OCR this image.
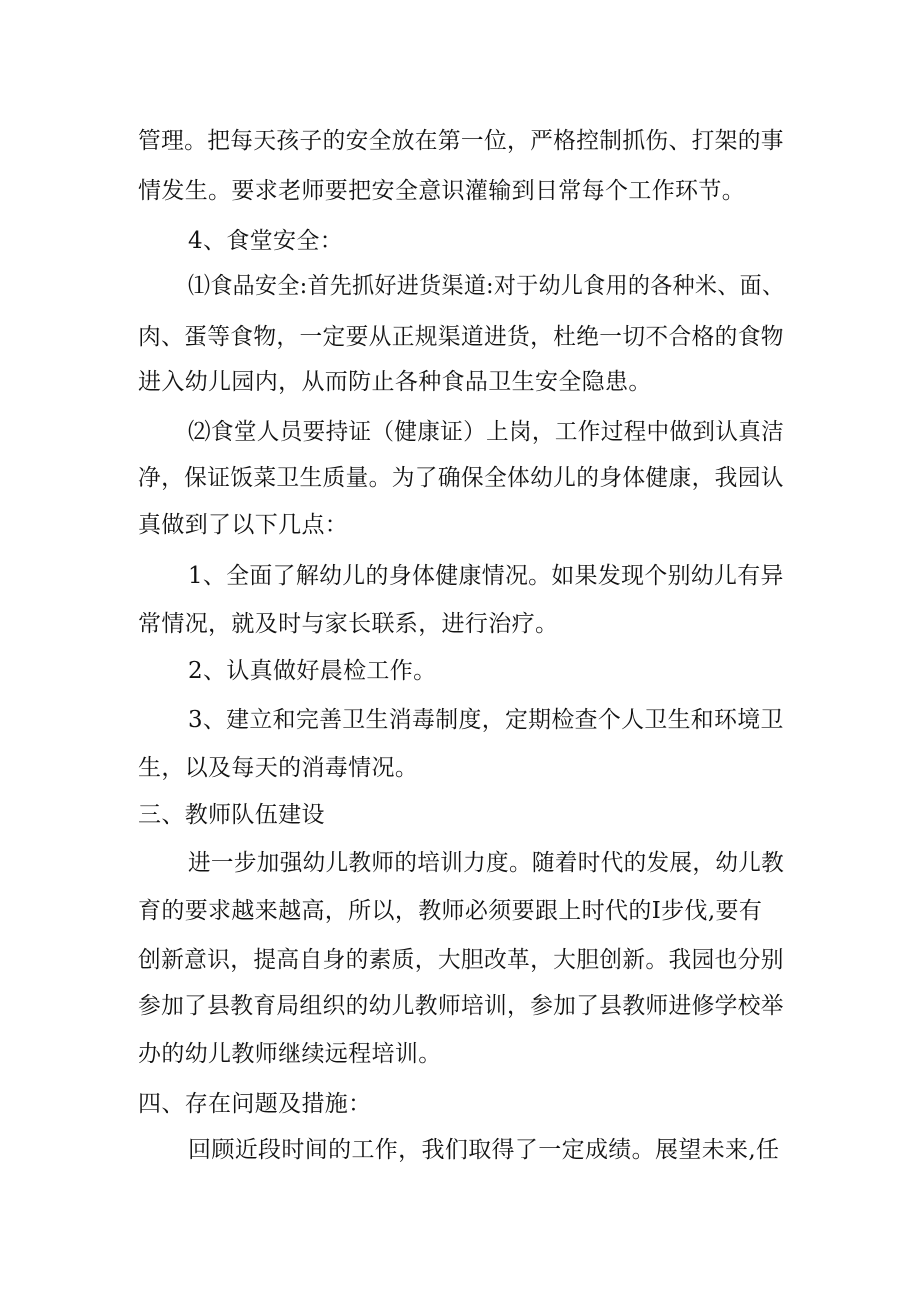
管理。把每天孩子的安全放在第一位，严格控制抓伤、打架的事
情发生。要求老师要把安全意识灌输到日常每个工作环节。
4、食堂安全：
⑴食品安全:首先抓好进货渠道:对于幼儿食用的各种米、面、
肉、蛋等食物，一定要从正规渠道进货，杜绝一切不合格的食物
进入幼儿园内，从而防止各种食品卫生安全隐患。
⑵食堂人员要持证（健康证）上岗，工作过程中做到认真洁
净，保证饭菜卫生质量。为了确保全体幼儿的身体健康，我园认
真做到了以下几点：
1、全面了解幼儿的身体健康情况。如果发现个别幼儿有异
常情况，就及时与家长联系，进行治疗。
2、认真做好晨检工作。
3、建立和完善卫生消毒制度，定期检查个人卫生和环境卫
生，以及每天的消毒情况。
三、教师队伍建设
进一步加强幼儿教师的培训力度。随着时代的发展，幼儿教
育的要求越来越高，所以，教师必须要跟上时代的I步伐,要有
创新意识，提高自身的素质，大胆改革，大胆创新。我园也分别
参加了县教育局组织的幼儿教师培训，参加了县教师进修学校举
办的幼儿教师继续远程培训。
四、存在问题及措施：
回顾近段时间的工作，我们取得了一定成绩。展望未来,任
